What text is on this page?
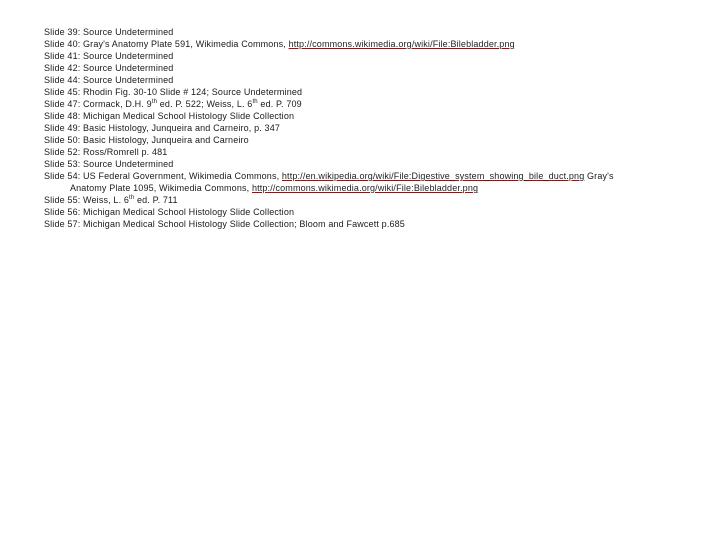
Slide 39: Source Undetermined
Slide 40: Gray's Anatomy Plate 591, Wikimedia Commons, http://commons.wikimedia.org/wiki/File:Bilebladder.png
Slide 41: Source Undetermined
Slide 42: Source Undetermined
Slide 44: Source Undetermined
Slide 45: Rhodin Fig. 30-10 Slide # 124; Source Undetermined
Slide 47: Cormack, D.H. 9th ed. P. 522; Weiss, L. 6th ed. P. 709
Slide 48: Michigan Medical School Histology Slide Collection
Slide 49: Basic Histology, Junqueira and Carneiro, p. 347
Slide 50: Basic Histology, Junqueira and Carneiro
Slide 52: Ross/Romrell p. 481
Slide 53: Source Undetermined
Slide 54: US Federal Government, Wikimedia Commons, http://en.wikipedia.org/wiki/File:Digestive_system_showing_bile_duct.png Gray's
Anatomy Plate 1095, Wikimedia Commons, http://commons.wikimedia.org/wiki/File:Bilebladder.png
Slide 55: Weiss, L. 6th ed. P. 711
Slide 56: Michigan Medical School Histology Slide Collection
Slide 57: Michigan Medical School Histology Slide Collection; Bloom and Fawcett p.685
